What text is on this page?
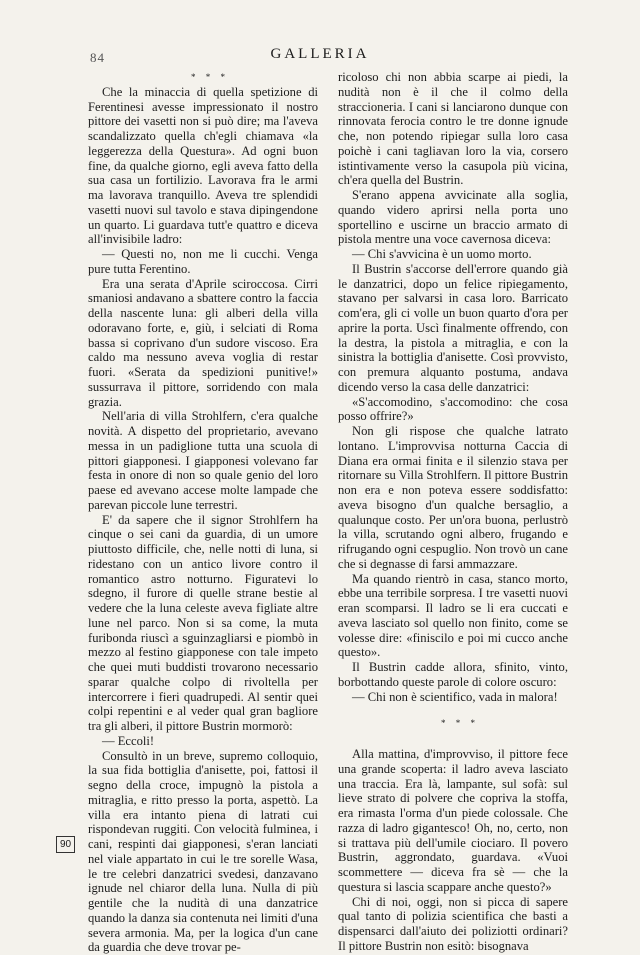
84	GALLERIA

* * *

Che la minaccia di quella spetizione di Ferentinesi avesse impressionato il nostro pittore dei vasetti non si può dire; ma l'aveva scandalizzato quella ch'egli chiamava «la leggerezza della Questura». Ad ogni buon fine, da qualche giorno, egli aveva fatto della sua casa un fortilizio. Lavorava fra le armi ma lavorava tranquillo. Aveva tre splendidi vasetti nuovi sul tavolo e stava dipingendone un quarto. Li guardava tutt'e quattro e diceva all'invisibile ladro:

— Questi no, non me li cucchi. Venga pure tutta Ferentino.

Era una serata d'Aprile sciroccosa. Cirri smaniosi andavano a sbattere contro la faccia della nascente luna: gli alberi della villa odoravano forte, e, giù, i selciati di Roma bassa si coprivano d'un sudore viscoso. Era caldo ma nessuno aveva voglia di restar fuori. «Serata da spedizioni punitive!» sussurrava il pittore, sorridendo con mala grazia.

Nell'aria di villa Strohlfern, c'era qualche novità. A dispetto del proprietario, avevano messa in un padiglione tutta una scuola di pittori giapponesi. I giapponesi volevano far festa in onore di non so quale genio del loro paese ed avevano accese molte lampade che parevan piccole lune terrestri.

E' da sapere che il signor Strohlfern ha cinque o sei cani da guardia, di un umore piuttosto difficile, che, nelle notti di luna, si ridestano con un antico livore contro il romantico astro notturno. Figuratevi lo sdegno, il furore di quelle strane bestie al vedere che la luna celeste aveva figliate altre lune nel parco. Non si sa come, la muta furibonda riuscì a sguinzagliarsi e piombò in mezzo al festino giapponese con tale impeto che quei muti buddisti trovarono necessario sparar qualche colpo di rivoltella per intercorrere i fieri quadrupedi. Al sentir quei colpi repentini e al veder qual gran bagliore tra gli alberi, il pittore Bustrin mormorò:

— Eccoli!

Consultò in un breve, supremo colloquio, la sua fida bottiglia d'anisette, poi, fattosi il segno della croce, impugnò la pistola a mitraglia, e ritto presso la porta, aspettò. La villa era intanto piena di latrati cui rispondevan ruggiti. Con velocità fulminea, i cani, respinti dai giapponesi, s'eran lanciati nel viale appartato in cui le tre sorelle Wasa, le tre celebri danzatrici svedesi, danzavano ignude nel chiaror della luna. Nulla di più gentile che la nudità di una danzatrice quando la danza sia contenuta nei limiti d'una severa armonia. Ma, per la logica d'un cane da guardia che deve trovar pe-

ricoloso chi non abbia scarpe ai piedi, la nudità non è il che il colmo della straccioneria. I cani si lanciarono dunque con rinnovata ferocia contro le tre donne ignude che, non potendo ripiegar sulla loro casa poichè i cani tagliavan loro la via, corsero istintivamente verso la casupola più vicina, ch'era quella del Bustrin.

S'erano appena avvicinate alla soglia, quando videro aprirsi nella porta uno sportellino e uscirne un braccio armato di pistola mentre una voce cavernosa diceva:

— Chi s'avvicina è un uomo morto.

Il Bustrin s'accorse dell'errore quando già le danzatrici, dopo un felice ripiegamento, stavano per salvarsi in casa loro. Barricato com'era, gli ci volle un buon quarto d'ora per aprire la porta. Uscì finalmente offrendo, con la destra, la pistola a mitraglia, e con la sinistra la bottiglia d'anisette. Così provvisto, con premura alquanto postuma, andava dicendo verso la casa delle danzatrici:

«S'accomodino, s'accomodino: che cosa posso offrire?»

Non gli rispose che qualche latrato lontano. L'improvvisa notturna Caccia di Diana era ormai finita e il silenzio stava per ritornare su Villa Strohlfern. Il pittore Bustrin non era e non poteva essere soddisfatto: aveva bisogno d'un qualche bersaglio, a qualunque costo. Per un'ora buona, perlustrò la villa, scrutando ogni albero, frugando e rifrugando ogni cespuglio. Non trovò un cane che si degnasse di farsi ammazzare.

Ma quando rientrò in casa, stanco morto, ebbe una terribile sorpresa. I tre vasetti nuovi eran scomparsi. Il ladro se li era cuccati e aveva lasciato sol quello non finito, come se volesse dire: «finiscilo e poi mi cucco anche questo».

Il Bustrin cadde allora, sfinito, vinto, borbottando queste parole di colore oscuro:

— Chi non è scientifico, vada in malora!

* * *

Alla mattina, d'improvviso, il pittore fece una grande scoperta: il ladro aveva lasciato una traccia. Era là, lampante, sul sofà: sul lieve strato di polvere che copriva la stoffa, era rimasta l'orma d'un piede colossale. Che razza di ladro gigantesco! Oh, no, certo, non si trattava più dell'umile ciociaro. Il povero Bustrin, aggrondato, guardava. «Vuoi scommettere — diceva fra sè — che la questura si lascia scappare anche questo?»

Chi di noi, oggi, non si picca di sapere qual tanto di polizia scientifica che basti a dispensarci dall'aiuto dei poliziotti ordinari? Il pittore Bustrin non esitò: bisognava

90
